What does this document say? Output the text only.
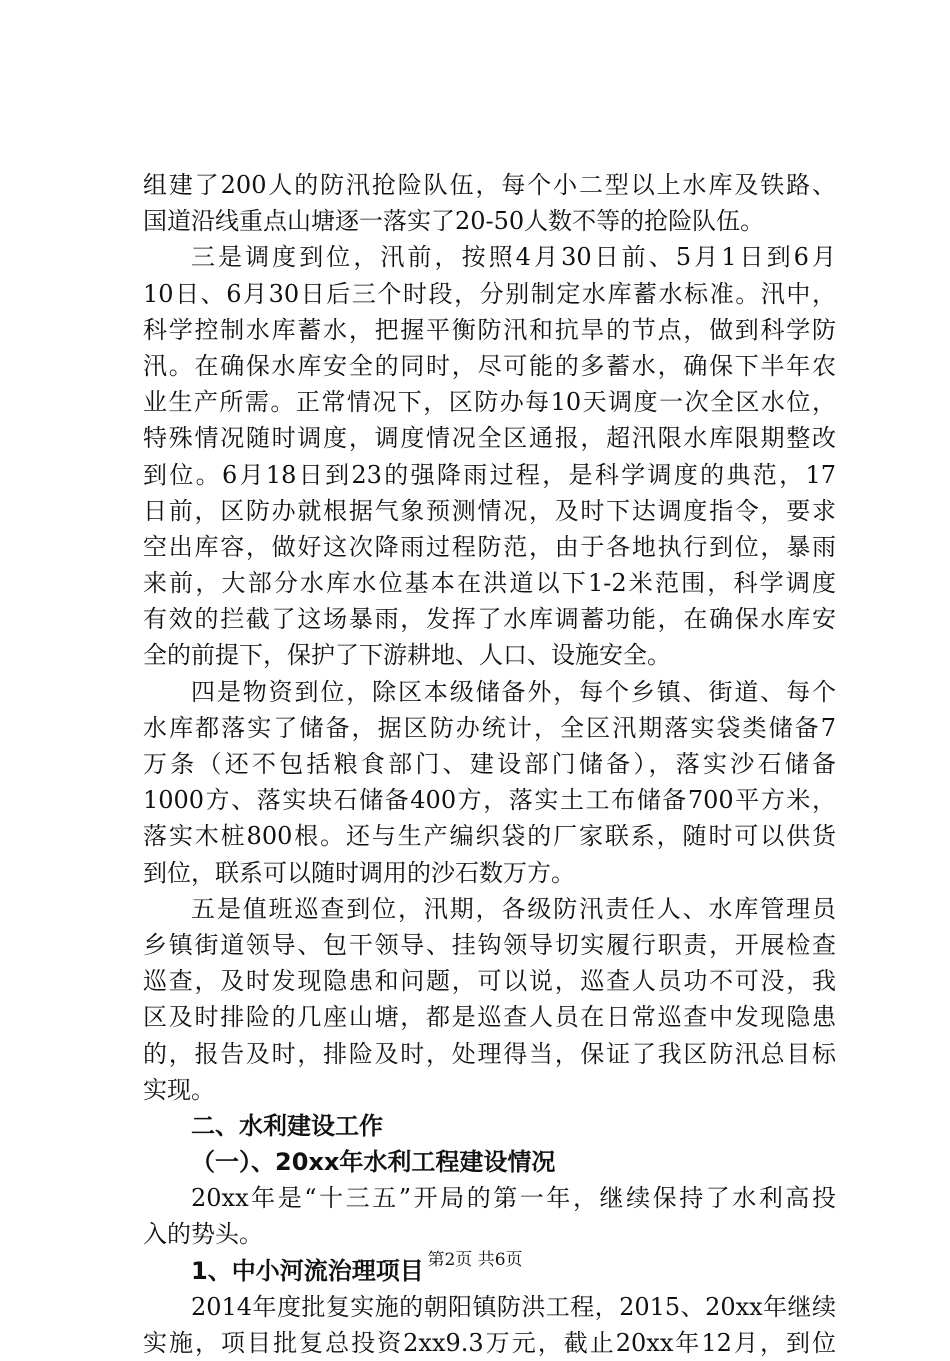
组建了200人的防汛抢险队伍，每个小二型以上水库及铁路、
国道沿线重点山塘逐一落实了20-50人数不等的抢险队伍。
三是调度到位，汛前，按照4月30日前、5月1日到6月
10日、6月30日后三个时段，分别制定水库蓄水标准。汛中，
科学控制水库蓄水，把握平衡防汛和抗旱的节点，做到科学防
汛。在确保水库安全的同时，尽可能的多蓄水，确保下半年农
业生产所需。正常情况下，区防办每10天调度一次全区水位，
特殊情况随时调度，调度情况全区通报，超汛限水库限期整改
到位。6月18日到23的强降雨过程，是科学调度的典范，17
日前，区防办就根据气象预测情况，及时下达调度指令，要求
空出库容，做好这次降雨过程防范，由于各地执行到位，暴雨
来前，大部分水库水位基本在洪道以下1-2米范围，科学调度
有效的拦截了这场暴雨，发挥了水库调蓄功能，在确保水库安
全的前提下，保护了下游耕地、人口、设施安全。
四是物资到位，除区本级储备外，每个乡镇、街道、每个
水库都落实了储备，据区防办统计，全区汛期落实袋类储备7
万条（还不包括粮食部门、建设部门储备），落实沙石储备
1000方、落实块石储备400方，落实土工布储备700平方米，
落实木桩800根。还与生产编织袋的厂家联系，随时可以供货
到位，联系可以随时调用的沙石数万方。
五是值班巡查到位，汛期，各级防汛责任人、水库管理员
乡镇街道领导、包干领导、挂钩领导切实履行职责，开展检查
巡查，及时发现隐患和问题，可以说，巡查人员功不可没，我
区及时排险的几座山塘，都是巡查人员在日常巡查中发现隐患
的，报告及时，排险及时，处理得当，保证了我区防汛总目标
实现。
二、水利建设工作
（一）、20xx年水利工程建设情况
20xx年是“十三五”开局的第一年，继续保持了水利高投
入的势头。
1、中小河流治理项目
2014年度批复实施的朝阳镇防洪工程，2015、20xx年继续
实施，项目批复总投资2xx9.3万元，截止20xx年12月，到位
第2页 共6页
